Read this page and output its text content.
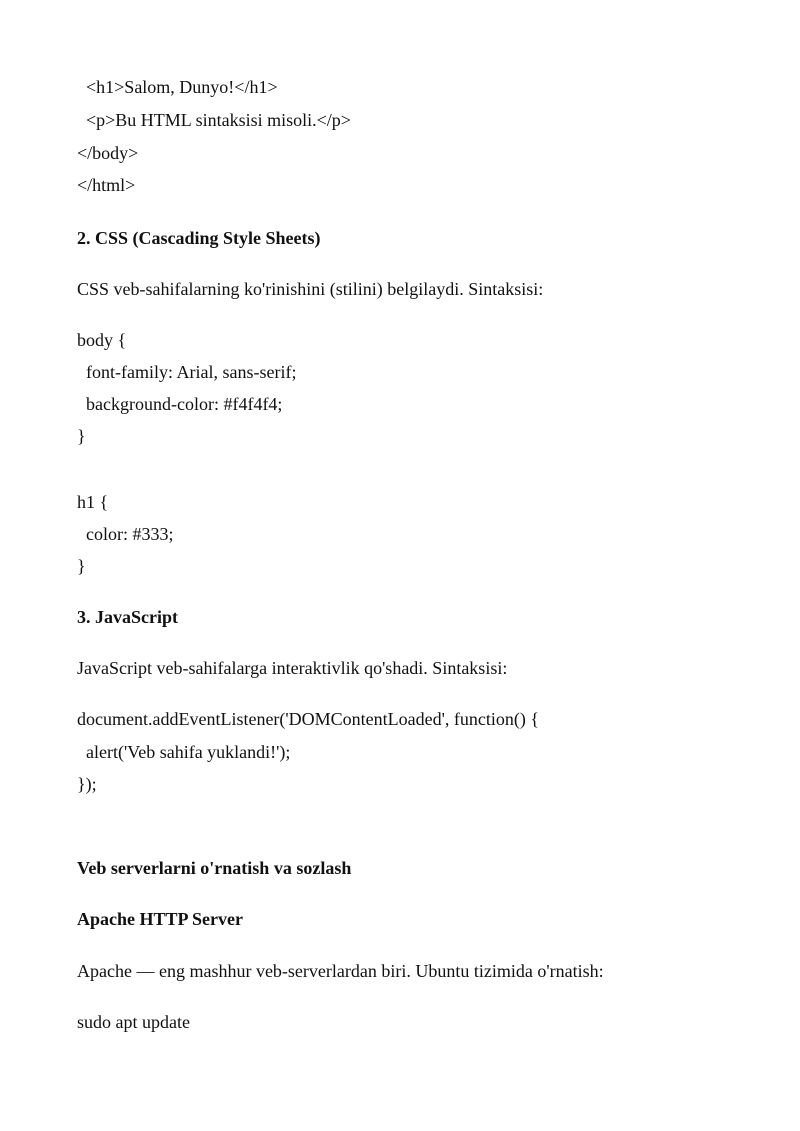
<h1>Salom, Dunyo!</h1>
<p>Bu HTML sintaksisi misoli.</p>
</body>
</html>
2. CSS (Cascading Style Sheets)
CSS veb-sahifalarning ko'rinishini (stilini) belgilaydi. Sintaksisi:
body {
font-family: Arial, sans-serif;
background-color: #f4f4f4;
}
h1 {
color: #333;
}
3. JavaScript
JavaScript veb-sahifalarga interaktivlik qo'shadi. Sintaksisi:
document.addEventListener('DOMContentLoaded', function() {
alert('Veb sahifa yuklandi!');
});
Veb serverlarni o'rnatish va sozlash
Apache HTTP Server
Apache — eng mashhur veb-serverlardan biri. Ubuntu tizimida o'rnatish:
sudo apt update
